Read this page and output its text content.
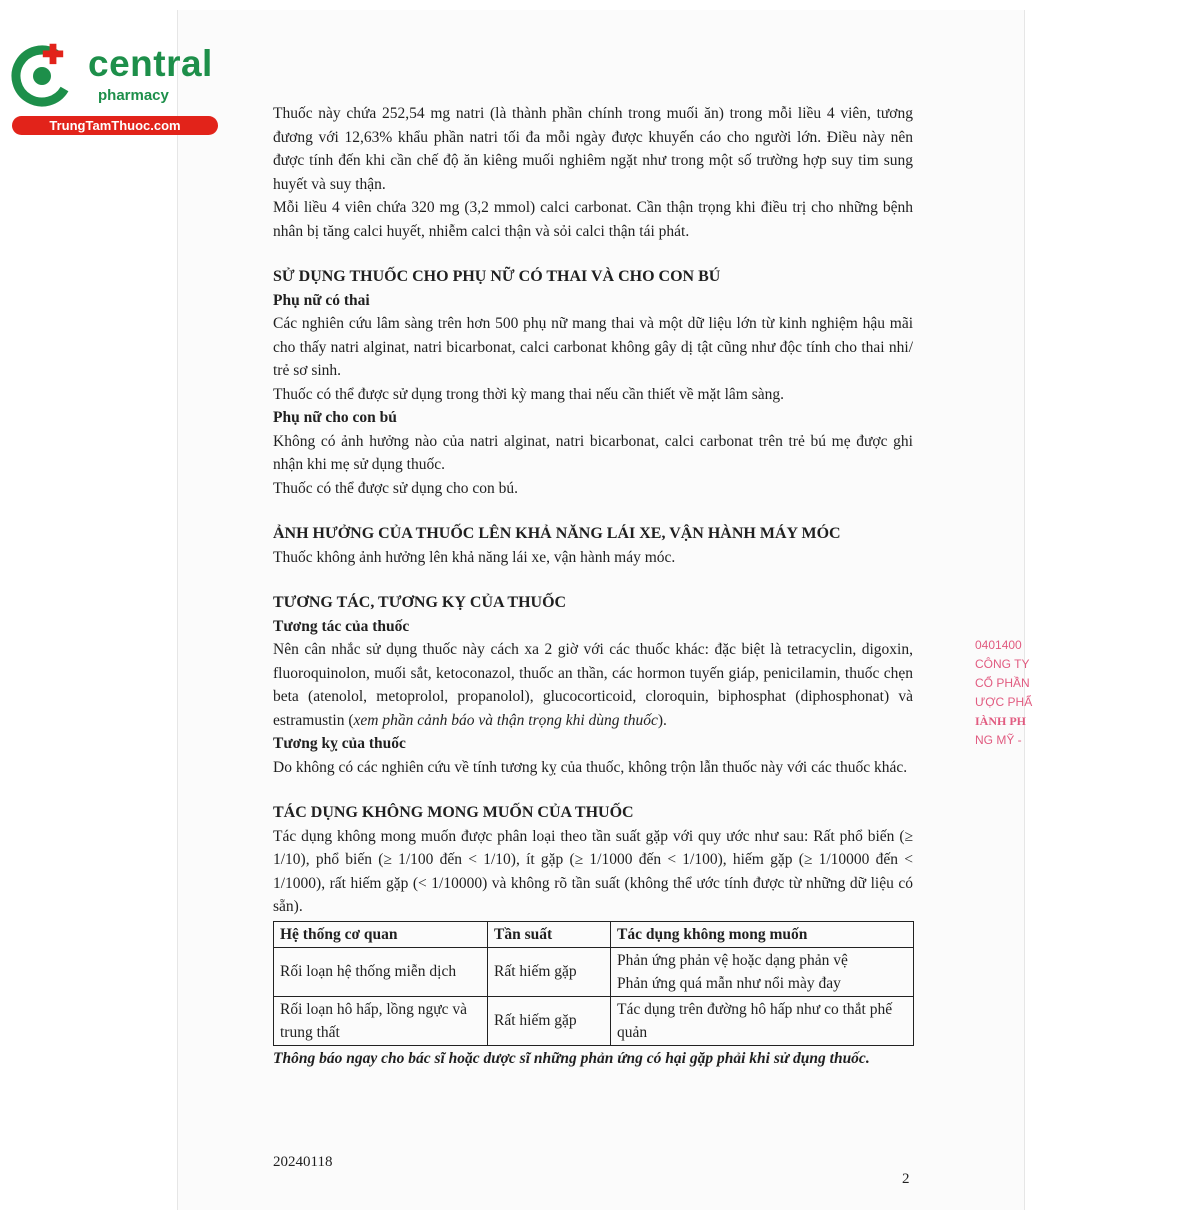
central
pharmacy
TrungTamThuoc.com

Thuốc này chứa 252,54 mg natri (là thành phần chính trong muối ăn) trong mỗi liều 4 viên, tương đương với 12,63% khẩu phần natri tối đa mỗi ngày được khuyến cáo cho người lớn. Điều này nên được tính đến khi cần chế độ ăn kiêng muối nghiêm ngặt như trong một số trường hợp suy tim sung huyết và suy thận.

Mỗi liều 4 viên chứa 320 mg (3,2 mmol) calci carbonat. Cần thận trọng khi điều trị cho những bệnh nhân bị tăng calci huyết, nhiễm calci thận và sỏi calci thận tái phát.

SỬ DỤNG THUỐC CHO PHỤ NỮ CÓ THAI VÀ CHO CON BÚ

Phụ nữ có thai

Các nghiên cứu lâm sàng trên hơn 500 phụ nữ mang thai và một dữ liệu lớn từ kinh nghiệm hậu mãi cho thấy natri alginat, natri bicarbonat, calci carbonat không gây dị tật cũng như độc tính cho thai nhi/ trẻ sơ sinh.

Thuốc có thể được sử dụng trong thời kỳ mang thai nếu cần thiết về mặt lâm sàng.

Phụ nữ cho con bú

Không có ảnh hưởng nào của natri alginat, natri bicarbonat, calci carbonat trên trẻ bú mẹ được ghi nhận khi mẹ sử dụng thuốc.

Thuốc có thể được sử dụng cho con bú.

ẢNH HƯỞNG CỦA THUỐC LÊN KHẢ NĂNG LÁI XE, VẬN HÀNH MÁY MÓC

Thuốc không ảnh hưởng lên khả năng lái xe, vận hành máy móc.

TƯƠNG TÁC, TƯƠNG KỴ CỦA THUỐC

Tương tác của thuốc

Nên cân nhắc sử dụng thuốc này cách xa 2 giờ với các thuốc khác: đặc biệt là tetracyclin, digoxin, fluoroquinolon, muối sắt, ketoconazol, thuốc an thần, các hormon tuyến giáp, penicilamin, thuốc chẹn beta (atenolol, metoprolol, propanolol), glucocorticoid, cloroquin, biphosphat (diphosphonat) và estramustin (xem phần cảnh báo và thận trọng khi dùng thuốc).

Tương kỵ của thuốc

Do không có các nghiên cứu về tính tương kỵ của thuốc, không trộn lẫn thuốc này với các thuốc khác.

TÁC DỤNG KHÔNG MONG MUỐN CỦA THUỐC

Tác dụng không mong muốn được phân loại theo tần suất gặp với quy ước như sau: Rất phổ biến (≥ 1/10), phổ biến (≥ 1/100 đến < 1/10), ít gặp (≥ 1/1000 đến < 1/100), hiếm gặp (≥ 1/10000 đến < 1/1000), rất hiếm gặp (< 1/10000) và không rõ tần suất (không thể ước tính được từ những dữ liệu có sẵn).

Hệ thống cơ quan	Tần suất	Tác dụng không mong muốn
Rối loạn hệ thống miễn dịch	Rất hiếm gặp	Phản ứng phản vệ hoặc dạng phản vệ
Phản ứng quá mẫn như nổi mày đay

Rối loạn hô hấp, lồng ngực và trung thất	Rất hiếm gặp	Tác dụng trên đường hô hấp như co thắt phế quản

Thông báo ngay cho bác sĩ hoặc dược sĩ những phản ứng có hại gặp phải khi sử dụng thuốc.

20240118
2
0401400
CÔNG TY
CỔ PHẦN
ƯỢC PHẨ
IÀNH PH
NG MỸ -
